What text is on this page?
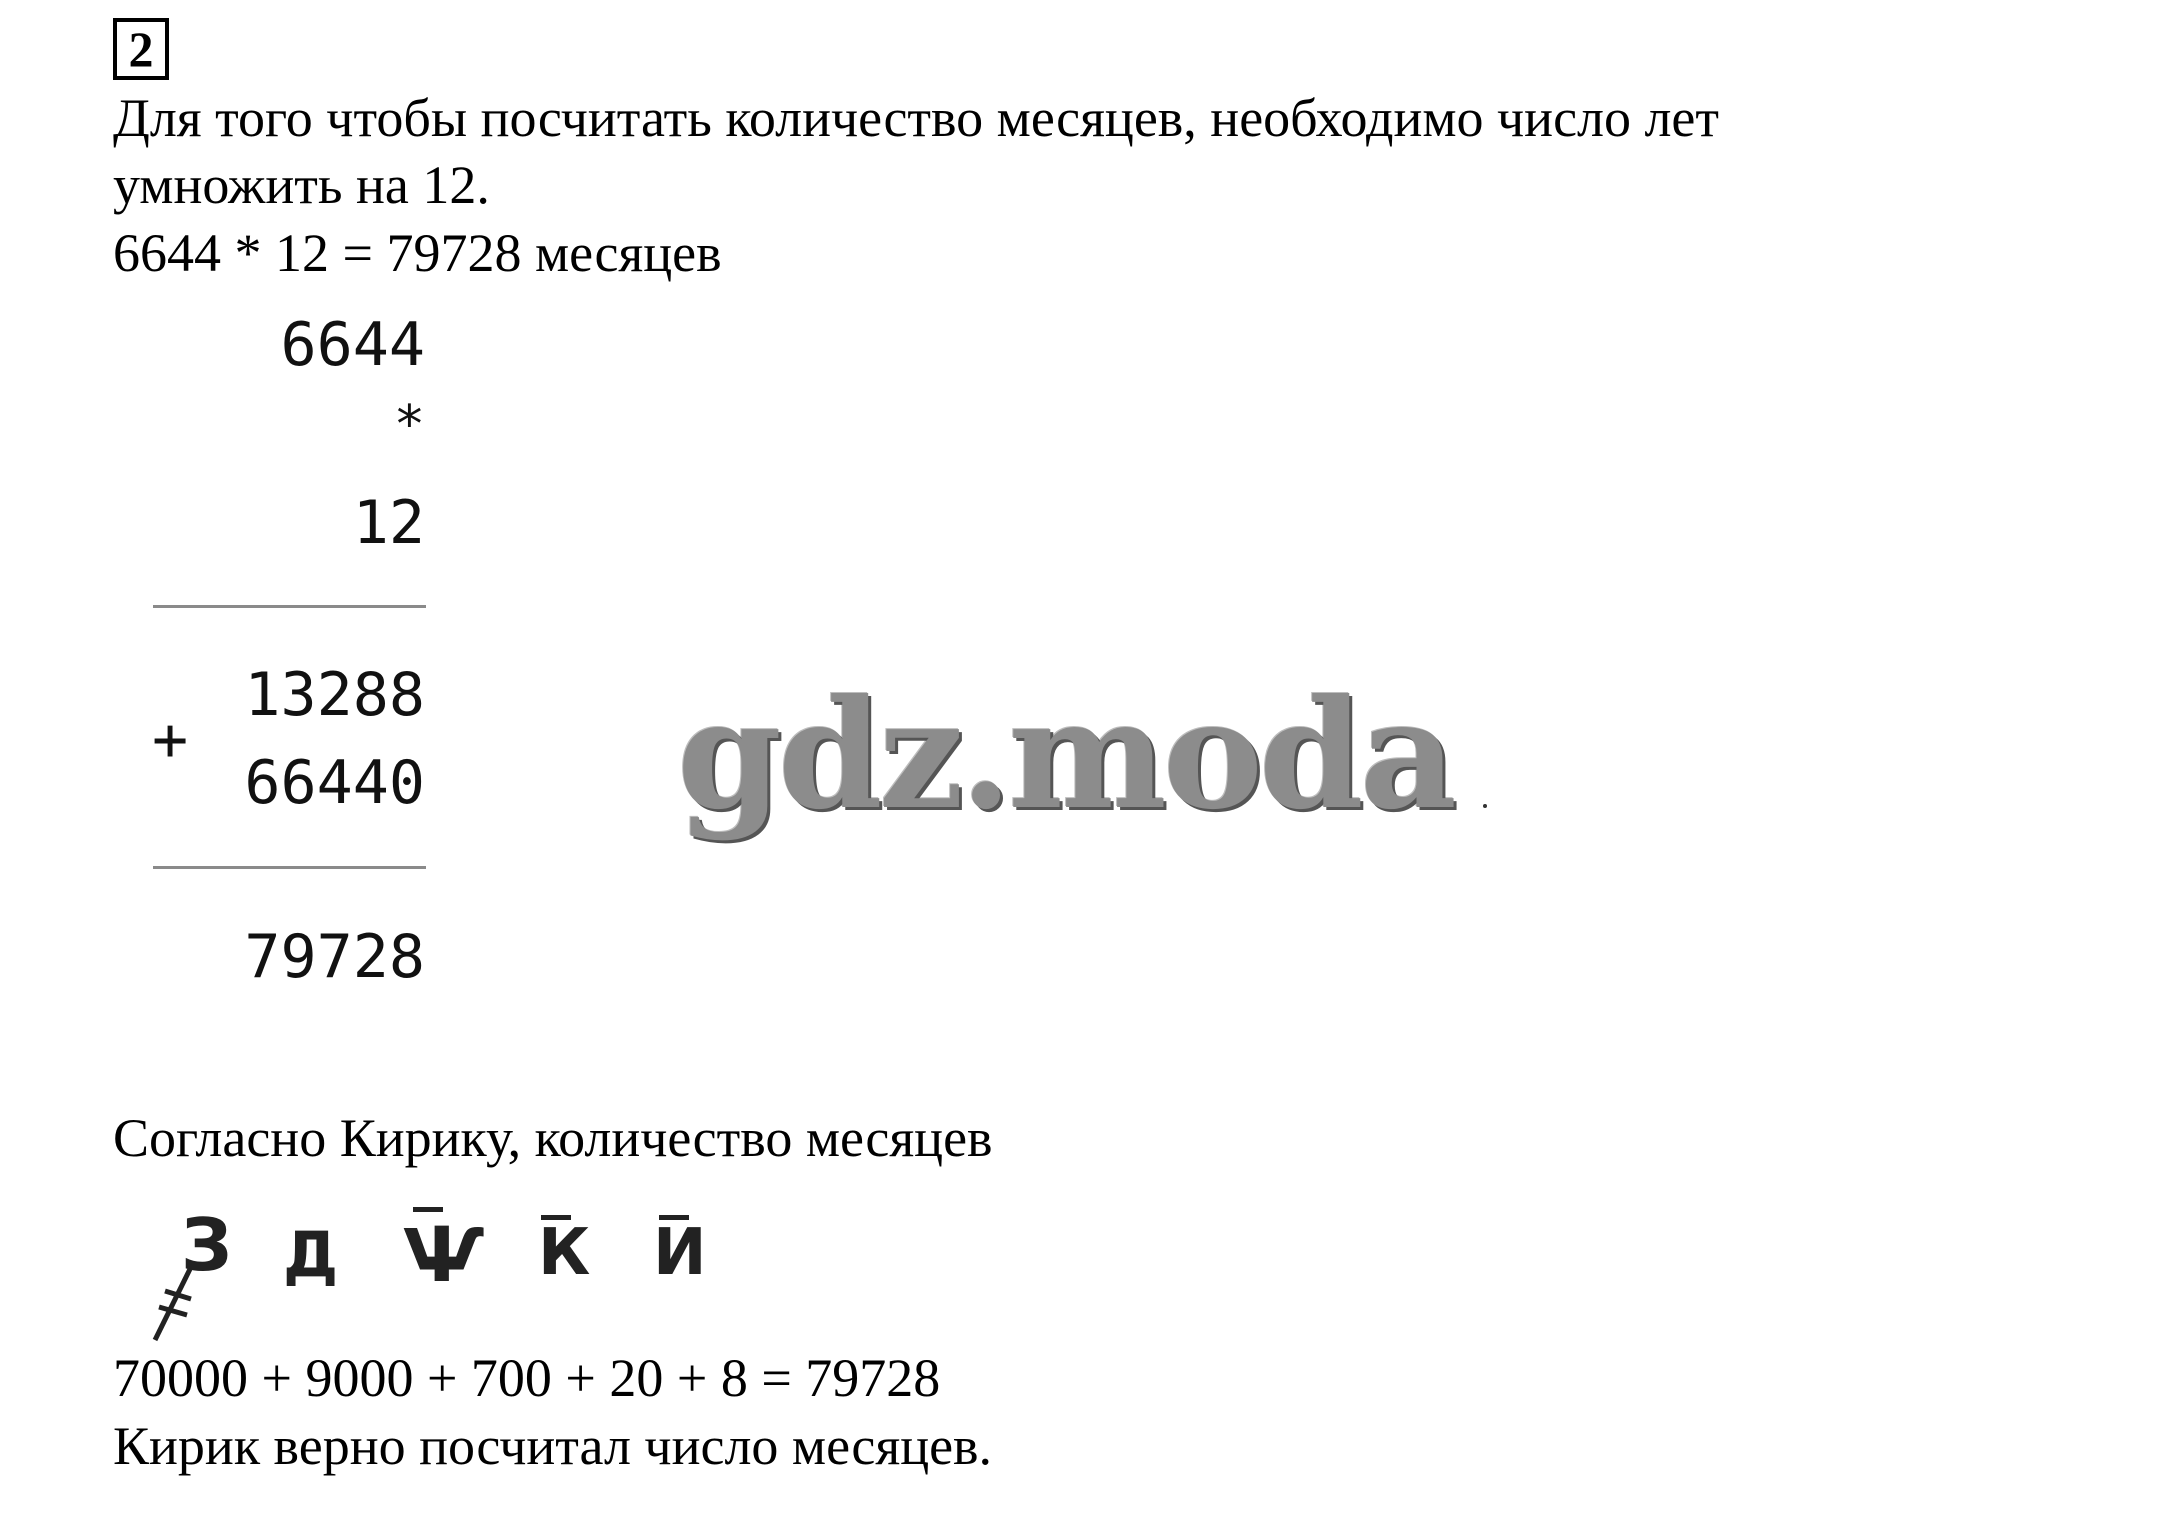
2
Для того чтобы посчитать количество месяцев, необходимо число лет
умножить на 12.
6644 * 12 = 79728 месяцев
6644
*
12
13288
+
66440
79728
gdz.moda
Согласно Кирику, количество месяцев
З Д Ѱ К И
70000 + 9000 + 700 + 20 + 8 = 79728
Кирик верно посчитал число месяцев.
